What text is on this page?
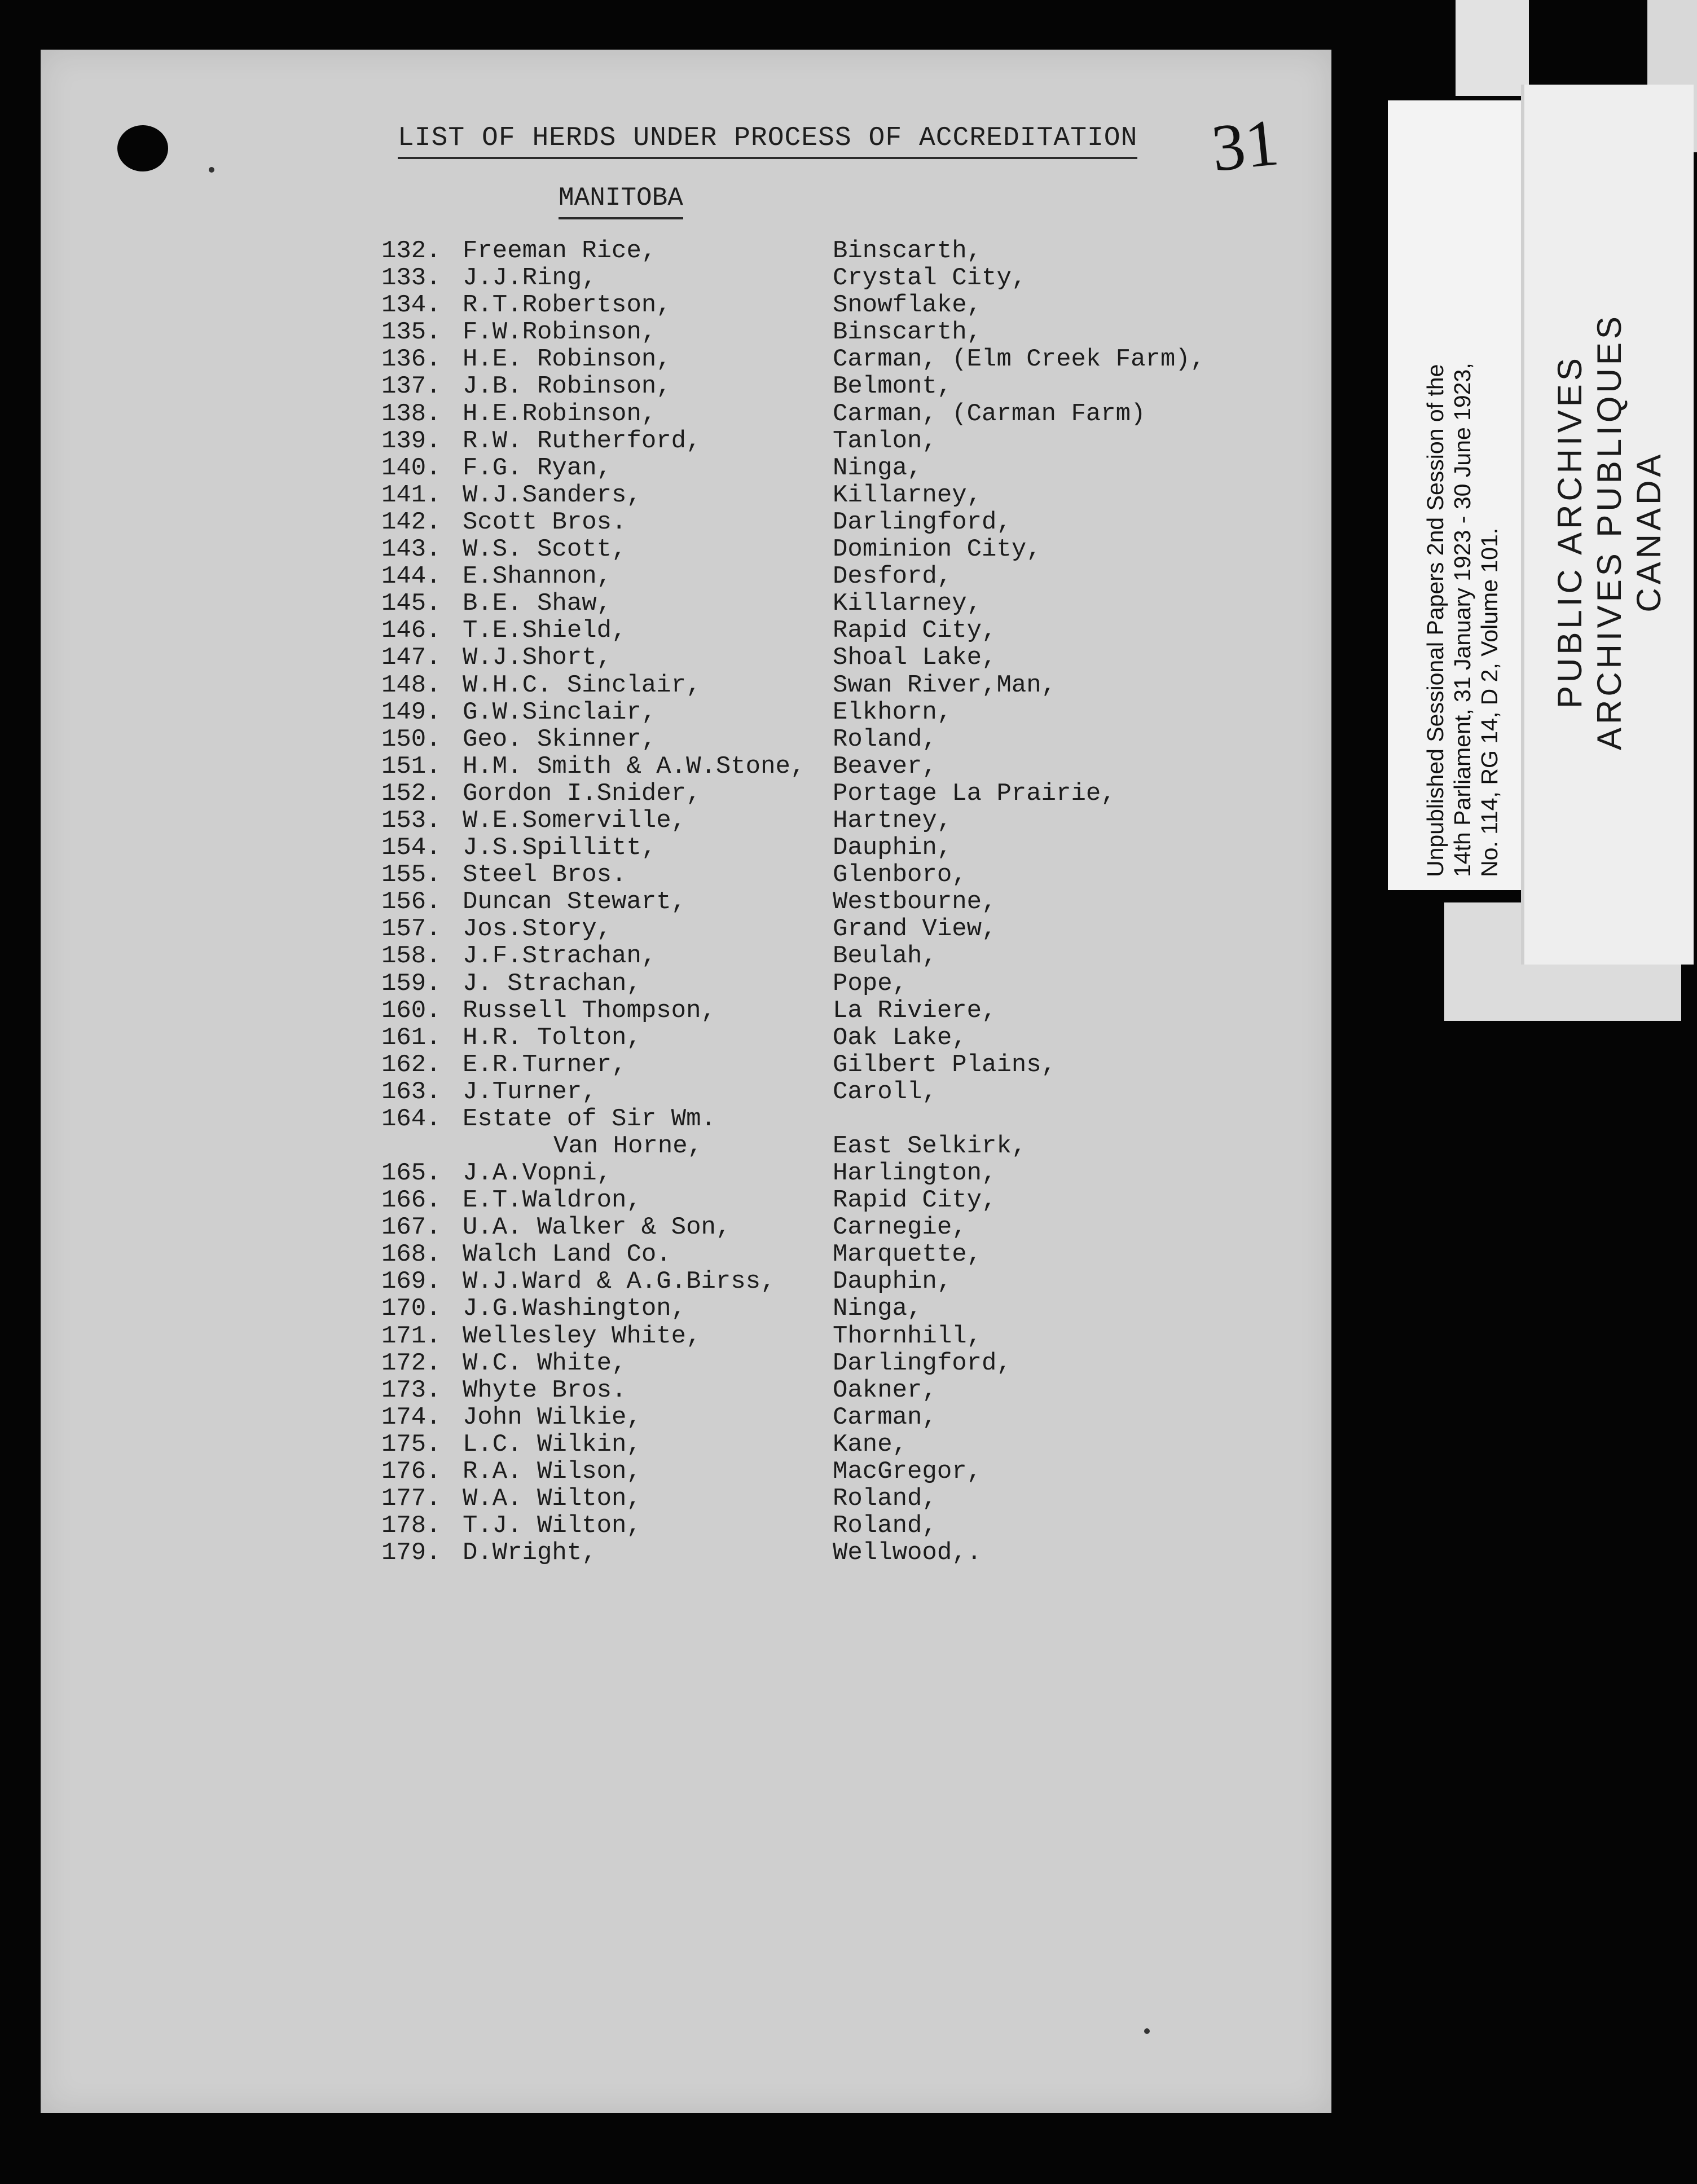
31
LIST OF HERDS UNDER PROCESS OF ACCREDITATION
MANITOBA
132. Freeman Rice,	Binscarth,
133. J.J.Ring,	Crystal City,
134. R.T.Robertson,	Snowflake,
135. F.W.Robinson,	Binscarth,
136. H.E. Robinson,	Carman, (Elm Creek Farm),
137. J.B. Robinson,	Belmont,
138. H.E.Robinson,	Carman, (Carman Farm)
139. R.W. Rutherford,	Tanlon,
140. F.G. Ryan,	Ninga,
141. W.J.Sanders,	Killarney,
142. Scott Bros.	Darlingford,
143. W.S. Scott,	Dominion City,
144. E.Shannon,	Desford,
145. B.E. Shaw,	Killarney,
146. T.E.Shield,	Rapid City,
147. W.J.Short,	Shoal Lake,
148. W.H.C. Sinclair,	Swan River,Man,
149. G.W.Sinclair,	Elkhorn,
150. Geo. Skinner,	Roland,
151. H.M. Smith & A.W.Stone, Beaver,
152. Gordon I.Snider,	Portage La Prairie,
153. W.E.Somerville,	Hartney,
154. J.S.Spillitt,	Dauphin,
155. Steel Bros.	Glenboro,
156. Duncan Stewart,	Westbourne,
157. Jos.Story,	Grand View,
158. J.F.Strachan,	Beulah,
159. J. Strachan,	Pope,
160. Russell Thompson,	La Riviere,
161. H.R. Tolton,	Oak Lake,
162. E.R.Turner,	Gilbert Plains,
163. J.Turner,	Caroll,
164. Estate of Sir Wm.
Van Horne,	East Selkirk,
165. J.A.Vopni,	Harlington,
166. E.T.Waldron,	Rapid City,
167. U.A. Walker & Son,	Carnegie,
168. Walch Land Co.	Marquette,
169. W.J.Ward & A.G.Birss, Dauphin,
170. J.G.Washington,	Ninga,
171. Wellesley White,	Thornhill,
172. W.C. White,	Darlingford,
173. Whyte Bros.	Oakner,
174. John Wilkie,	Carman,
175. L.C. Wilkin,	Kane,
176. R.A. Wilson,	MacGregor,
177. W.A. Wilton,	Roland,
178. T.J. Wilton,	Roland,
179. D.Wright,	Wellwood,.
Unpublished Sessional Papers 2nd Session of the 14th Parliament, 31 January 1923 - 30 June 1923, No. 114, RG 14, D 2, Volume 101. PUBLIC ARCHIVES ARCHIVES PUBLIQUES CANADA
